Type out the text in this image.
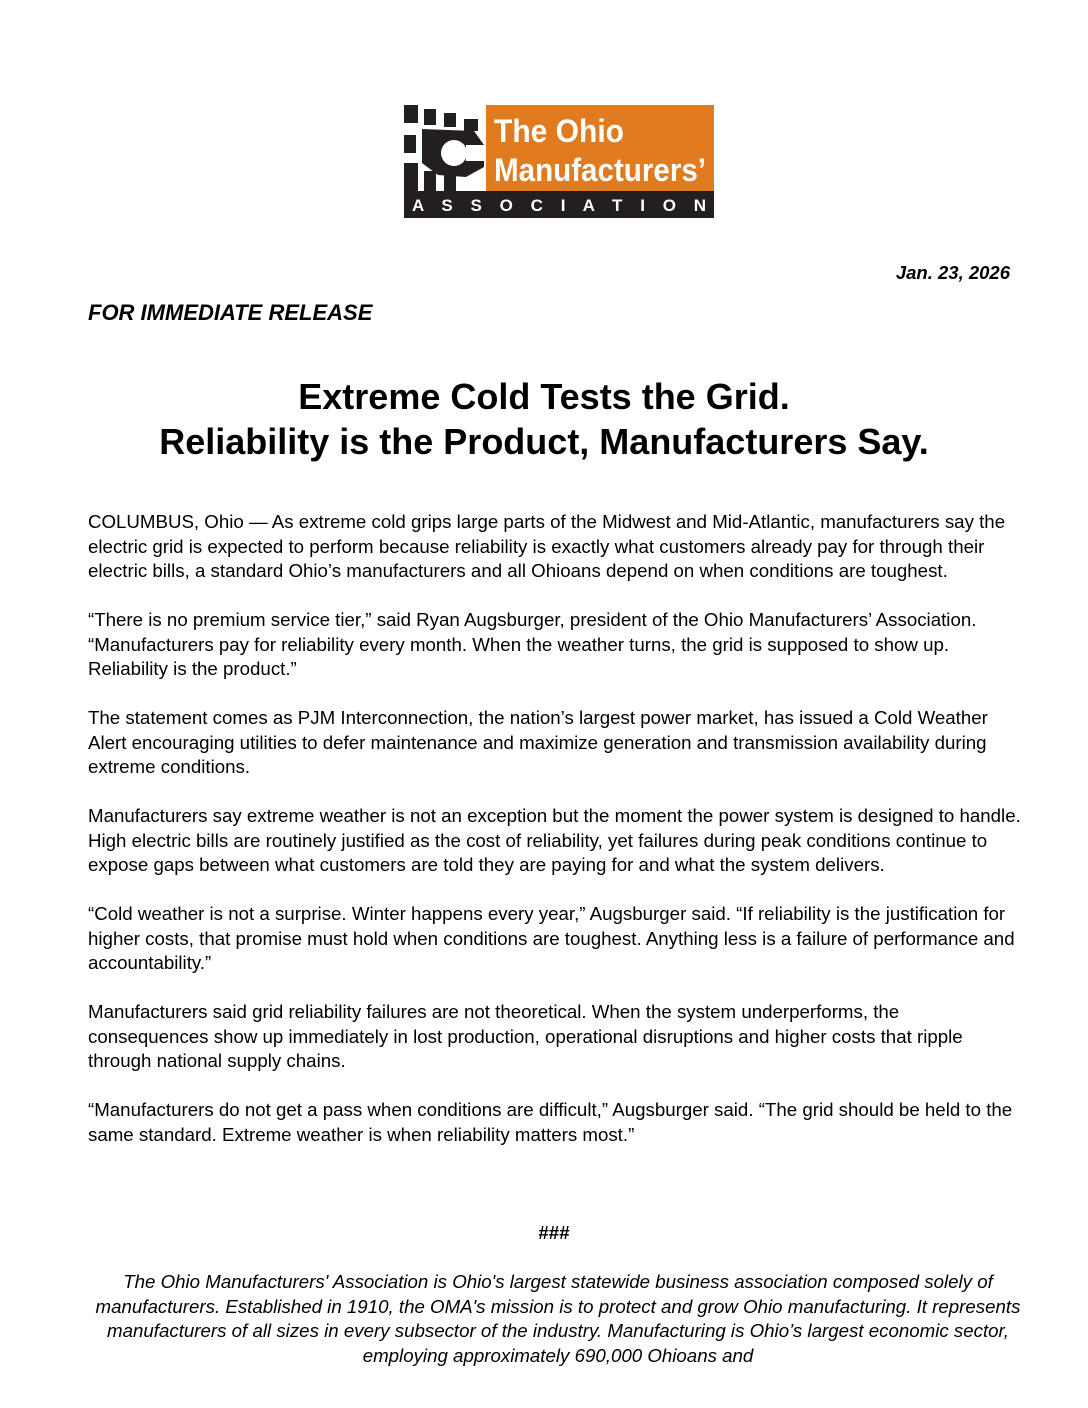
The Ohio
Manufacturers’
A S S O C I A T I O N
Jan. 23, 2026
FOR IMMEDIATE RELEASE
Extreme Cold Tests the Grid.
Reliability is the Product, Manufacturers Say.

COLUMBUS, Ohio — As extreme cold grips large parts of the Midwest and Mid-Atlantic, manufacturers say the electric grid is expected to perform because reliability is exactly what customers already pay for through their electric bills, a standard Ohio’s manufacturers and all Ohioans depend on when conditions are toughest.

“There is no premium service tier,” said Ryan Augsburger, president of the Ohio Manufacturers’ Association. “Manufacturers pay for reliability every month. When the weather turns, the grid is supposed to show up. Reliability is the product.”

The statement comes as PJM Interconnection, the nation’s largest power market, has issued a Cold Weather Alert encouraging utilities to defer maintenance and maximize generation and transmission availability during extreme conditions.

Manufacturers say extreme weather is not an exception but the moment the power system is designed to handle. High electric bills are routinely justified as the cost of reliability, yet failures during peak conditions continue to expose gaps between what customers are told they are paying for and what the system delivers.

“Cold weather is not a surprise. Winter happens every year,” Augsburger said. “If reliability is the justification for higher costs, that promise must hold when conditions are toughest. Anything less is a failure of performance and accountability.”

Manufacturers said grid reliability failures are not theoretical. When the system underperforms, the consequences show up immediately in lost production, operational disruptions and higher costs that ripple through national supply chains.

“Manufacturers do not get a pass when conditions are difficult,” Augsburger said. “The grid should be held to the same standard. Extreme weather is when reliability matters most.”

###

The Ohio Manufacturers' Association is Ohio's largest statewide business association composed solely of manufacturers. Established in 1910, the OMA's mission is to protect and grow Ohio manufacturing. It represents manufacturers of all sizes in every subsector of the industry. Manufacturing is Ohio’s largest economic sector, employing approximately 690,000 Ohioans and
